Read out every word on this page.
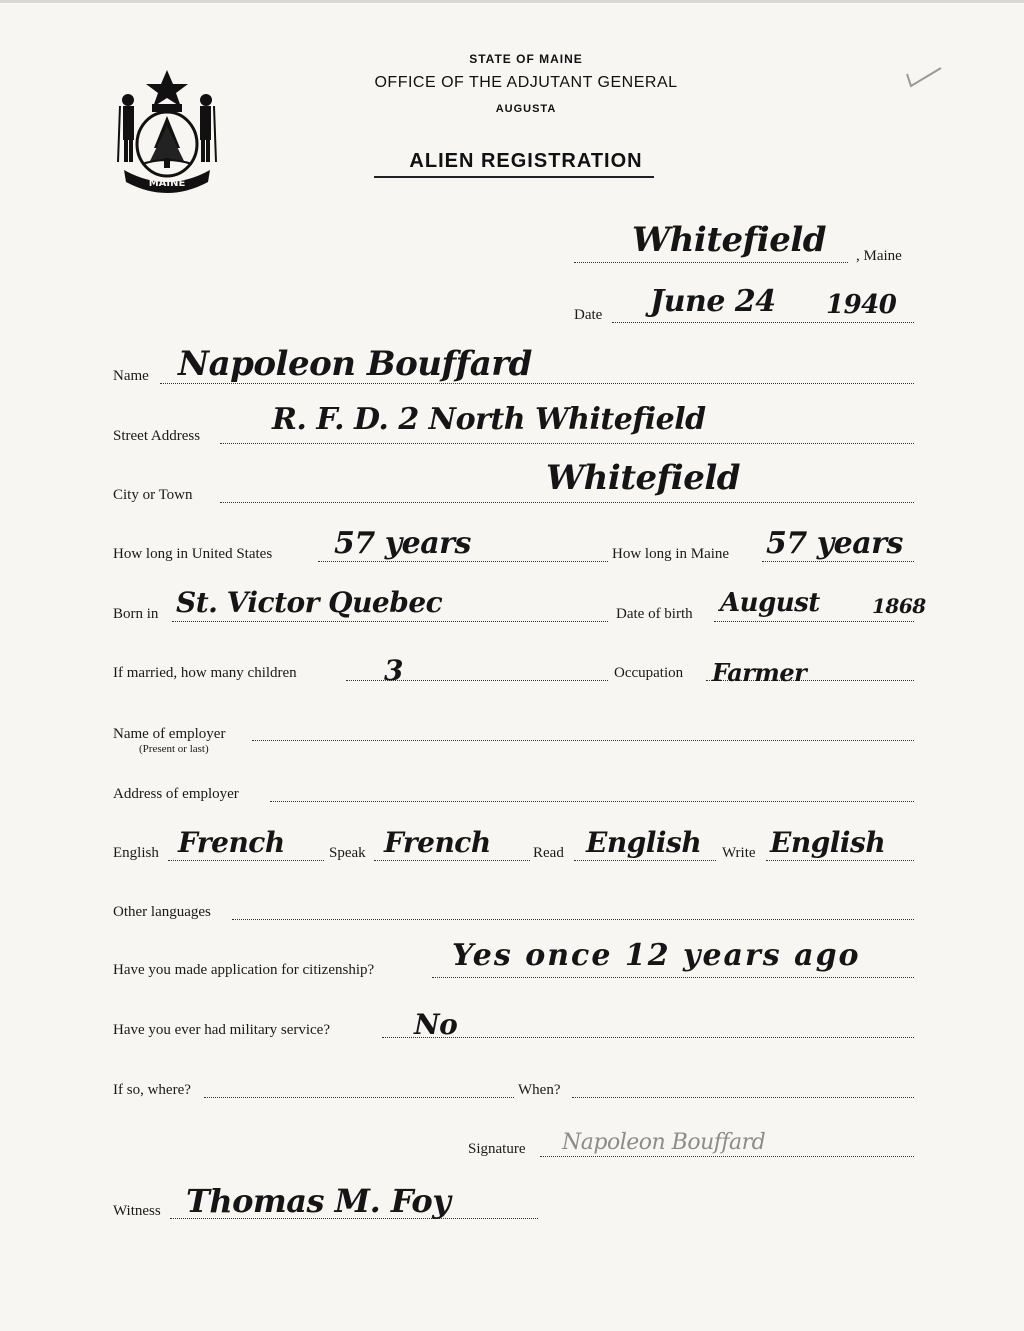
MAINE
STATE OF MAINE
OFFICE OF THE ADJUTANT GENERAL
AUGUSTA
ALIEN REGISTRATION
Whitefield , Maine
Date June 24 1940
Name Napoleon Bouffard
Street Address R. F. D. 2 North Whitefield
City or Town	Whitefield
How long in United States 57 years	How long in Maine 57 years
Born in St. Victor Quebec	Date of birth August	1868
If married, how many children	3	Occupation Farmer
Name of employer
(Present or last)
Address of employer
English French	Speak French	Read English Write English
Other languages
Have you made application for citizenship?	Yes once 12 years ago
Have you ever had military service?	No
If so, where?	When?
Signature Napoleon Bouffard
Witness Thomas M. Foy
